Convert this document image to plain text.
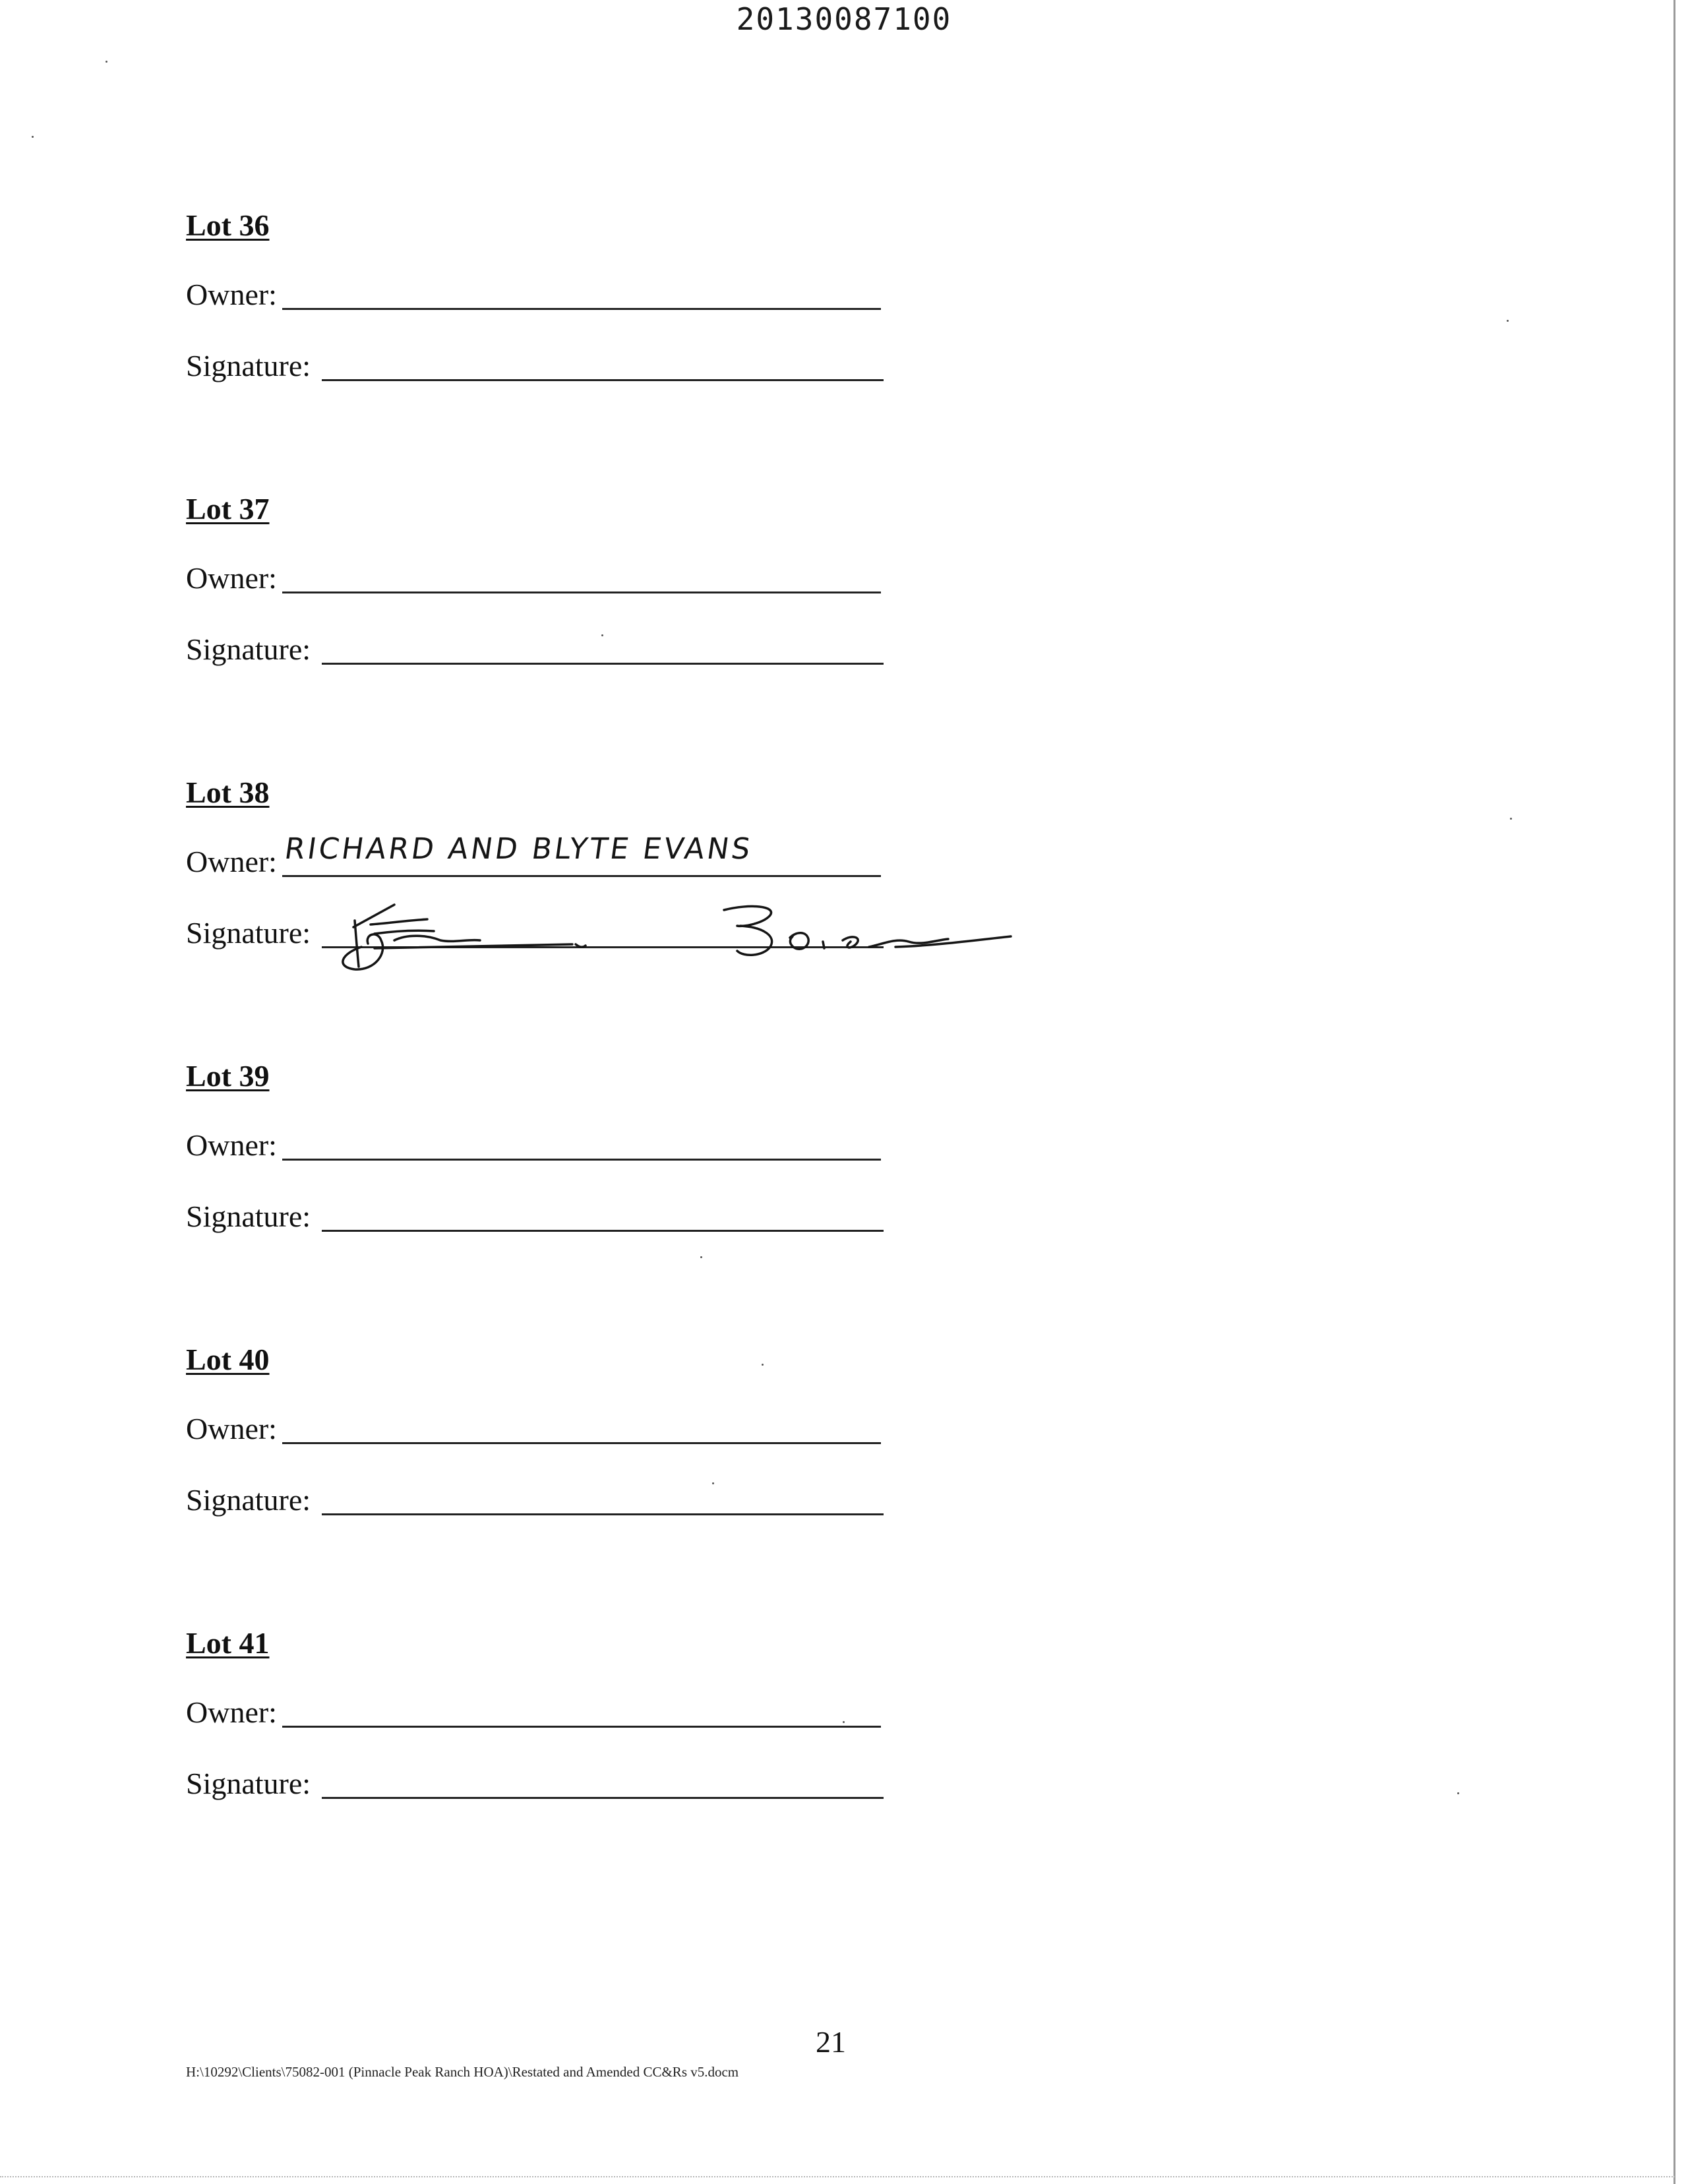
20130087100
Lot 36
Owner:
Signature:
Lot 37
Owner:
Signature:
Lot 38
Owner: RICHARD AND BLYTE EVANS
Signature:
Lot 39
Owner:
Signature:
Lot 40
Owner:
Signature:
Lot 41
Owner:
Signature:
21
H:\10292\Clients\75082-001 (Pinnacle Peak Ranch HOA)\Restated and Amended CC&Rs v5.docm
